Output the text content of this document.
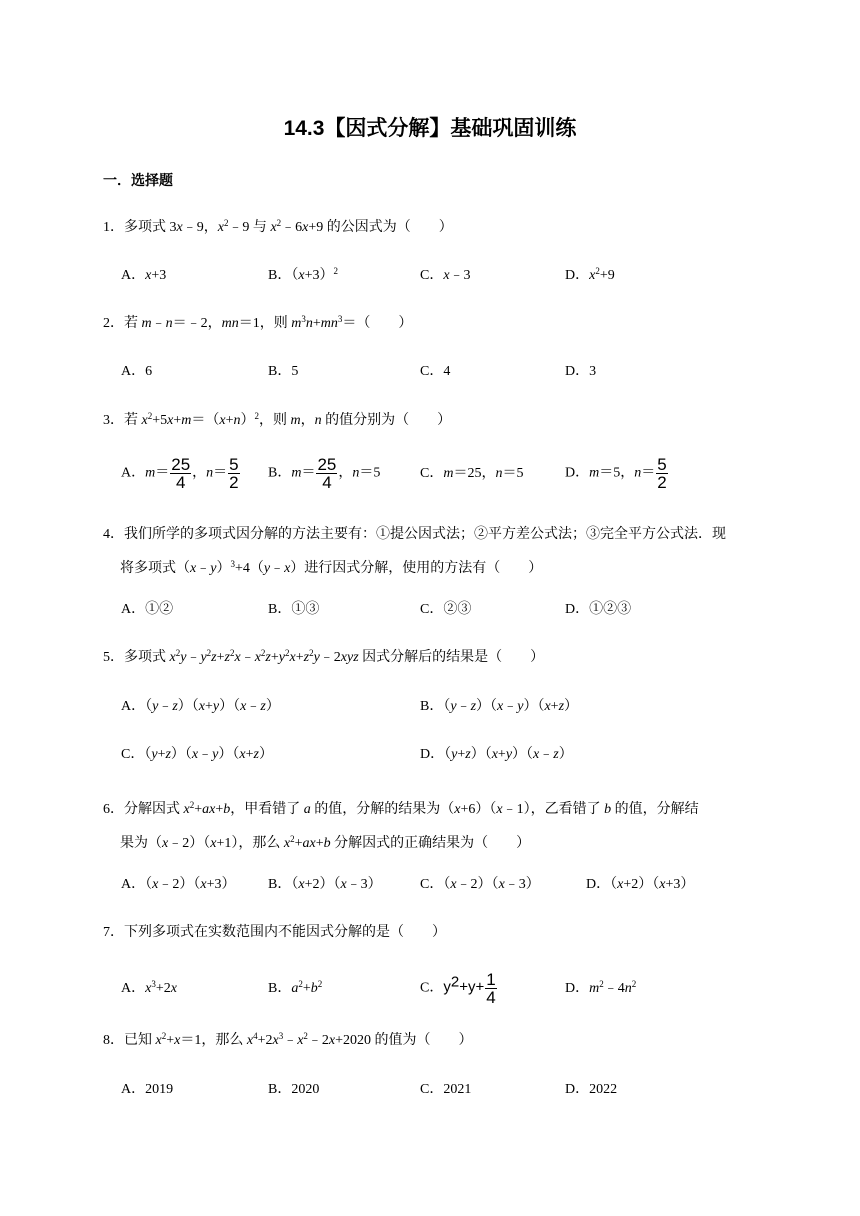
14.3【因式分解】基础巩固训练
一．选择题
1．多项式 3x﹣9，$x^2﹣9$ 与 $x^2﹣6x+9$ 的公因式为（　　）
A．x+3	B．$(x+3)^2$	C．x﹣3	D．$x^2+9$
2．若 m﹣n＝﹣2，mn＝1，则 $m^3n+mn^3=$（　　）
A．6	B．5	C．4	D．3
3．若 $x^2+5x+m=(x+n)^2$，则 m，n 的值分别为（　　）
A．$m= \frac{25}{4}$ ，$n= \frac{5}{2}$ B．$m= \frac{25}{4}$ ，n＝5	C．m＝25，n＝5	D．m＝5，$n= \frac{5}{2}$
4．我们所学的多项式因分解的方法主要有：①提公因式法；②平方差公式法；③完全平方公式法．现
将多项式（x﹣y）$^3$+4（y﹣x）进行因式分解，使用的方法有（　　）
A．①②	B．①③	C．②③	D．①②③
5．多项式 $x^2y﹣y^2z+z^2x﹣x^2z+y^2x+z^2y﹣2xyz$ 因式分解后的结果是（　　）
A．（y﹣z）（x+y）（x﹣z）	B．（y﹣z）（x﹣y）（x+z）
C．（y+z）（x﹣y）（x+z）	D．（y+z）（x+y）（x﹣z）
6．分解因式 $x^2+ax+b$，甲看错了 a 的值，分解的结果为（x+6）（x﹣1），乙看错了 b 的值，分解结
果为（x﹣2）（x+1），那么 $x^2+ax+b$ 分解因式的正确结果为（　　）
A．（x﹣2）（x+3） B．（x+2）（x﹣3）	C．（x﹣2）（x﹣3）	D．（x+2）（x+3）
7．下列多项式在实数范围内不能因式分解的是（　　）
A．$x^3+2x$	B．$a^2+b^2$	C．$y^2+y+ \frac{1}{4}$	D．$m^2﹣4n^2$
8．已知 $x^2+x=1$，那么 $x^4+2x^3﹣x^2﹣2x+2020$ 的值为（　　）
A．2019	B．2020	C．2021	D．2022
